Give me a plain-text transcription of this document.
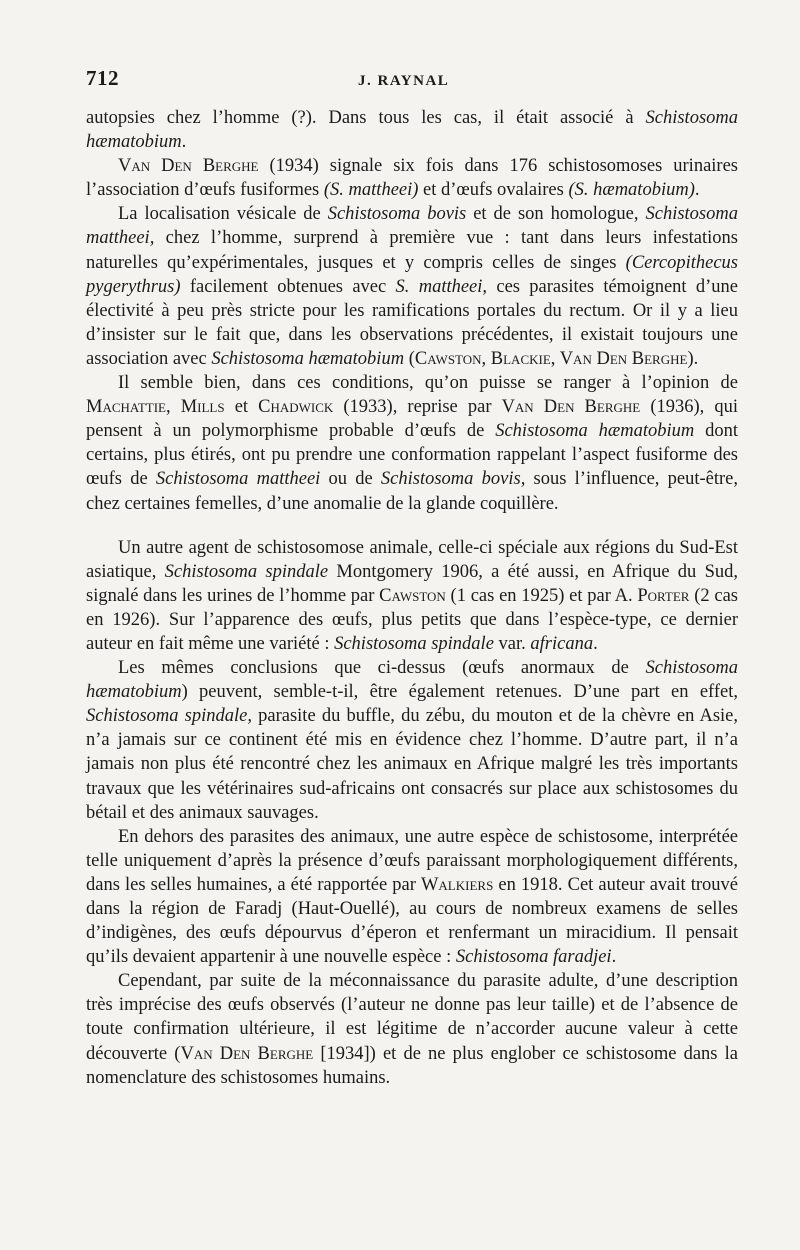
712	J. RAYNAL

autopsies chez l’homme (?). Dans tous les cas, il était associé à Schistosoma hæmatobium.

Van Den Berghe (1934) signale six fois dans 176 schistosomoses urinaires l’association d’œufs fusiformes (S. mattheei) et d’œufs ovalaires (S. hæmatobium).

La localisation vésicale de Schistosoma bovis et de son homologue, Schistosoma mattheei, chez l’homme, surprend à première vue : tant dans leurs infestations naturelles qu’expérimentales, jusques et y compris celles de singes (Cercopithecus pygerythrus) facilement obtenues avec S. mattheei, ces parasites témoignent d’une électivité à peu près stricte pour les ramifications portales du rectum. Or il y a lieu d’insister sur le fait que, dans les observations précédentes, il existait toujours une association avec Schistosoma hæmatobium (Cawston, Blackie, Van Den Berghe).

Il semble bien, dans ces conditions, qu’on puisse se ranger à l’opinion de Machattie, Mills et Chadwick (1933), reprise par Van Den Berghe (1936), qui pensent à un polymorphisme probable d’œufs de Schistosoma hæmatobium dont certains, plus étirés, ont pu prendre une conformation rappelant l’aspect fusiforme des œufs de Schistosoma mattheei ou de Schistosoma bovis, sous l’influence, peut-être, chez certaines femelles, d’une anomalie de la glande coquillère.

Un autre agent de schistosomose animale, celle-ci spéciale aux régions du Sud-Est asiatique, Schistosoma spindale Montgomery 1906, a été aussi, en Afrique du Sud, signalé dans les urines de l’homme par Cawston (1 cas en 1925) et par A. Porter (2 cas en 1926). Sur l’apparence des œufs, plus petits que dans l’espèce-type, ce dernier auteur en fait même une variété : Schistosoma spindale var. africana.

Les mêmes conclusions que ci-dessus (œufs anormaux de Schistosoma hæmatobium) peuvent, semble-t-il, être également retenues. D’une part en effet, Schistosoma spindale, parasite du buffle, du zébu, du mouton et de la chèvre en Asie, n’a jamais sur ce continent été mis en évidence chez l’homme. D’autre part, il n’a jamais non plus été rencontré chez les animaux en Afrique malgré les très importants travaux que les vétérinaires sud-africains ont consacrés sur place aux schistosomes du bétail et des animaux sauvages.

En dehors des parasites des animaux, une autre espèce de schistosome, interprétée telle uniquement d’après la présence d’œufs paraissant morphologiquement différents, dans les selles humaines, a été rapportée par Walkiers en 1918. Cet auteur avait trouvé dans la région de Faradj (Haut-Ouellé), au cours de nombreux examens de selles d’indigènes, des œufs dépourvus d’éperon et renfermant un miracidium. Il pensait qu’ils devaient appartenir à une nouvelle espèce : Schistosoma faradjei.

Cependant, par suite de la méconnaissance du parasite adulte, d’une description très imprécise des œufs observés (l’auteur ne donne pas leur taille) et de l’absence de toute confirmation ultérieure, il est légitime de n’accorder aucune valeur à cette découverte (Van Den Berghe [1934]) et de ne plus englober ce schistosome dans la nomenclature des schistosomes humains.
